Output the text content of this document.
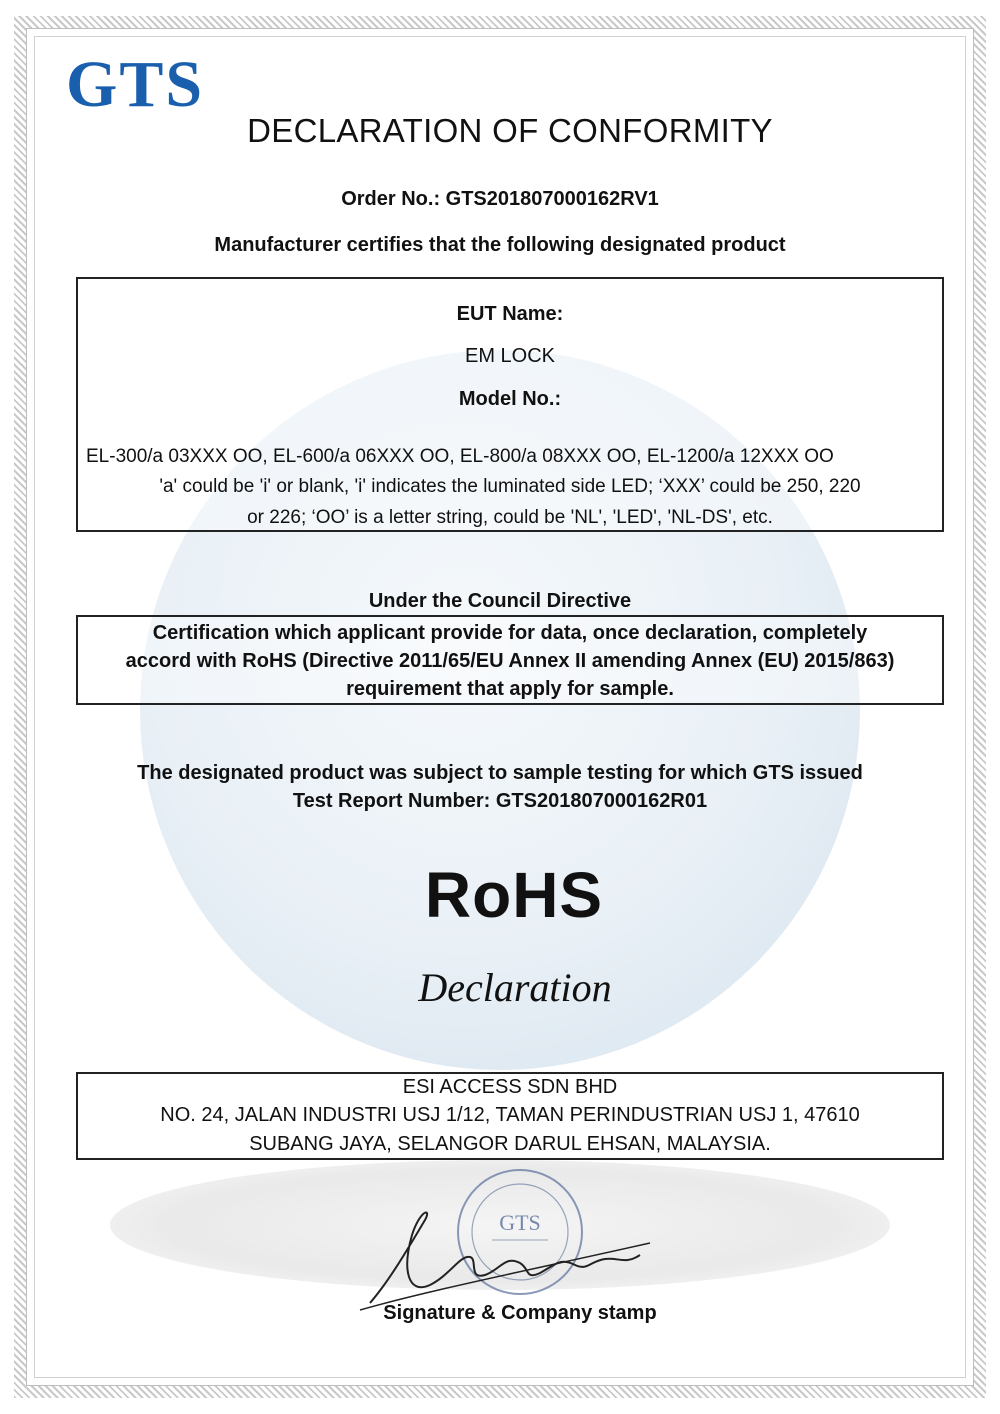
GTS
DECLARATION OF CONFORMITY
Order No.: GTS201807000162RV1
Manufacturer certifies that the following designated product
EUT Name:
EM LOCK
Model No.:
EL-300/a 03XXX OO, EL-600/a 06XXX OO, EL-800/a 08XXX OO, EL-1200/a 12XXX OO
'a' could be 'i' or blank, 'i' indicates the luminated side LED; ‘XXX’ could be 250, 220
or 226; ‘OO’ is a letter string, could be 'NL', 'LED', 'NL-DS', etc.
Under the Council Directive
Certification which applicant provide for data, once declaration, completely
accord with RoHS (Directive 2011/65/EU Annex II amending Annex (EU) 2015/863)
requirement that apply for sample.
The designated product was subject to sample testing for which GTS issued
Test Report Number: GTS201807000162R01
RoHS
Declaration
ESI ACCESS SDN BHD
NO. 24, JALAN INDUSTRI USJ 1/12, TAMAN PERINDUSTRIAN USJ 1, 47610
SUBANG JAYA, SELANGOR DARUL EHSAN, MALAYSIA.
GTS
Signature & Company stamp
